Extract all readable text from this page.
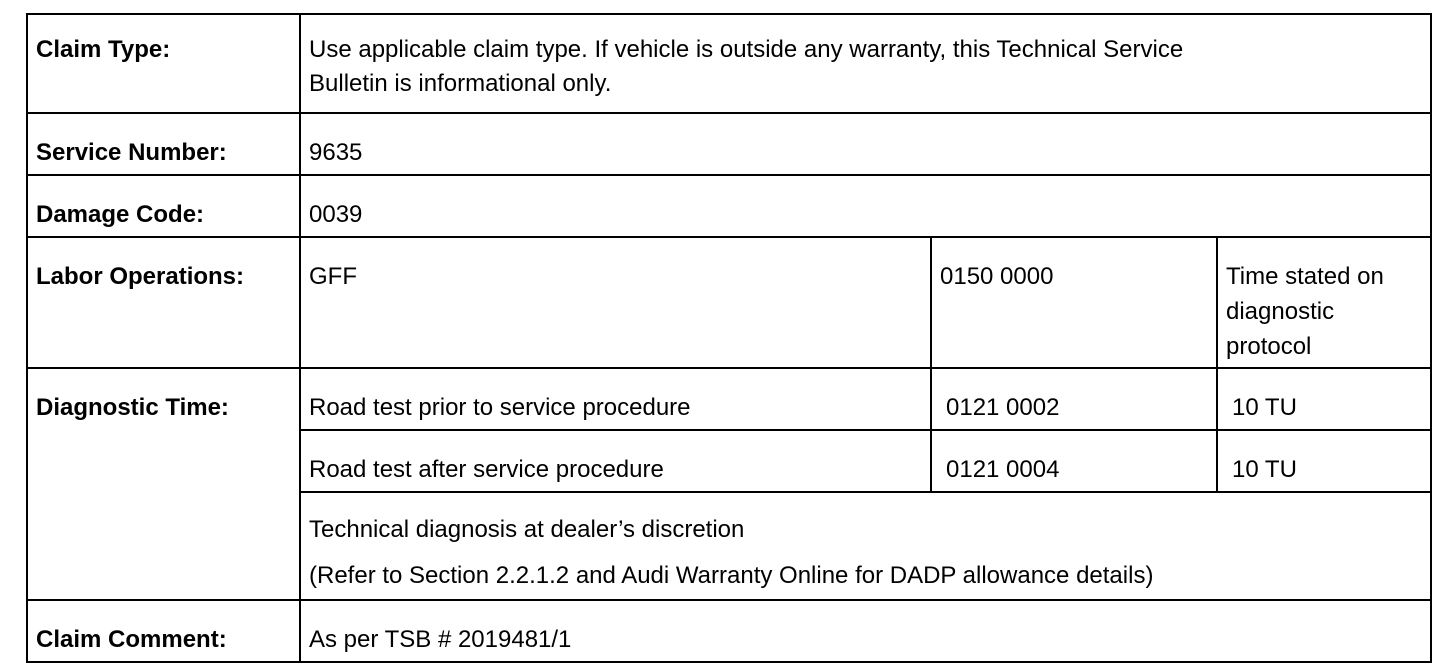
Claim Type:	Use applicable claim type. If vehicle is outside any warranty, this Technical Service
Bulletin is informational only.		

Service Number:	9635		
Damage Code:	0039		
Labor Operations:	GFF	0150 0000	Time stated on
diagnostic
protocol

Diagnostic Time:	Road test prior to service procedure	0121 0002	10 TU
	Road test after service procedure	0121 0004	10 TU

	Technical diagnosis at dealer’s discretion
(Refer to Section 2.2.1.2 and Audi Warranty Online for DADP allowance details)		

Claim Comment:	As per TSB # 2019481/1		
